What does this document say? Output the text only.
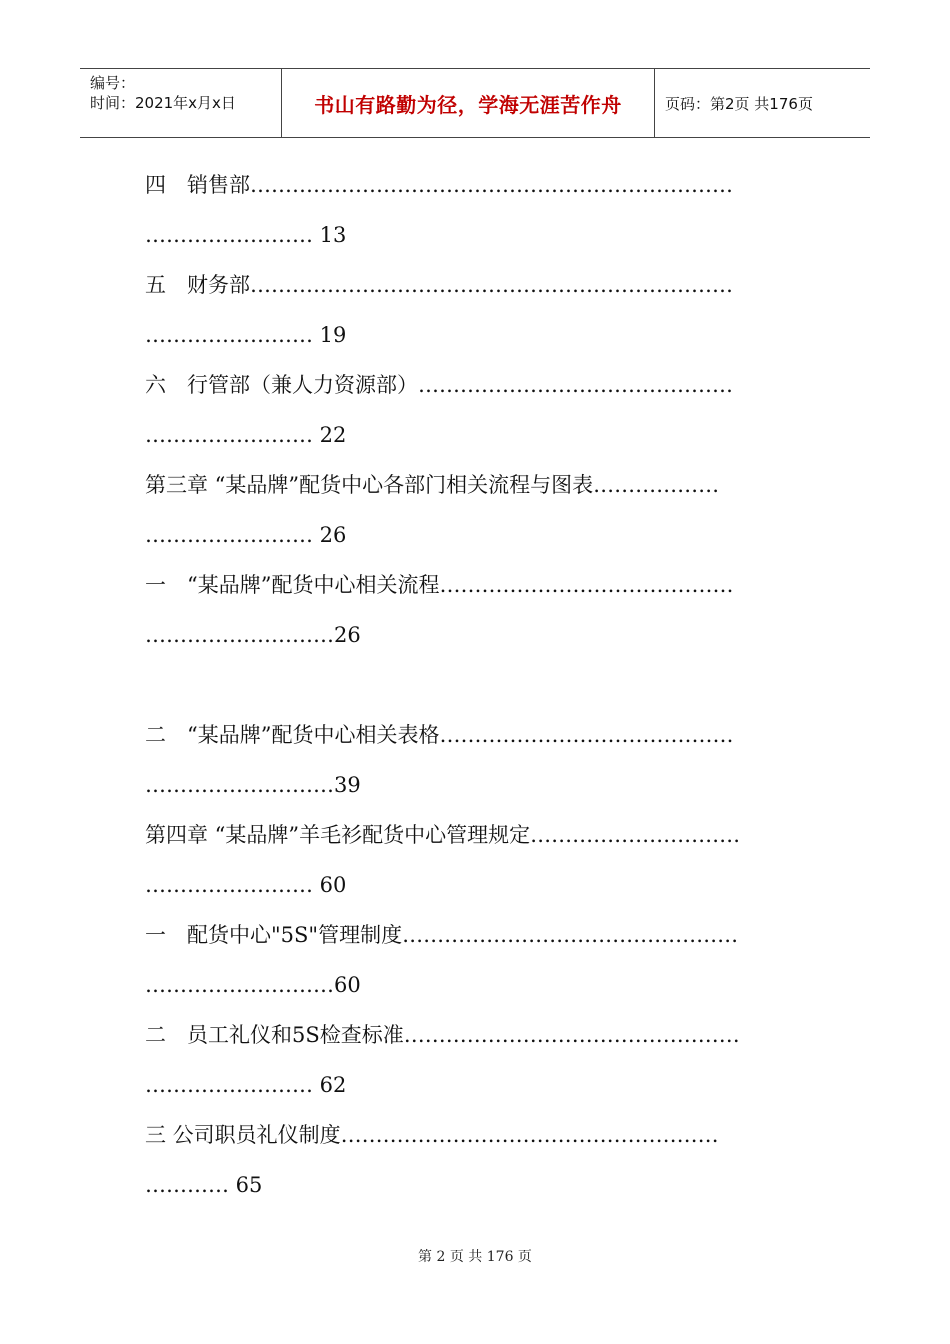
编号：
时间：2021年x月x日	书山有路勤为径，学海无涯苦作舟	页码：第2页 共176页
四　销售部……………………………………………………………
…………………… 13
五　财务部……………………………………………………………
…………………… 19
六　行管部（兼人力资源部）………………………………………
…………………… 22
第三章 “某品牌”配货中心各部门相关流程与图表………………
…………………… 26
一　“某品牌”配货中心相关流程……………………………………
………………………26
二　“某品牌”配货中心相关表格……………………………………
………………………39
第四章 “某品牌”羊毛衫配货中心管理规定…………………………
…………………… 60
一　配货中心"5S"管理制度…………………………………………
………………………60
二　员工礼仪和5S检查标准…………………………………………
…………………… 62
三 公司职员礼仪制度………………………………………………
………… 65
第 2 页 共 176 页
